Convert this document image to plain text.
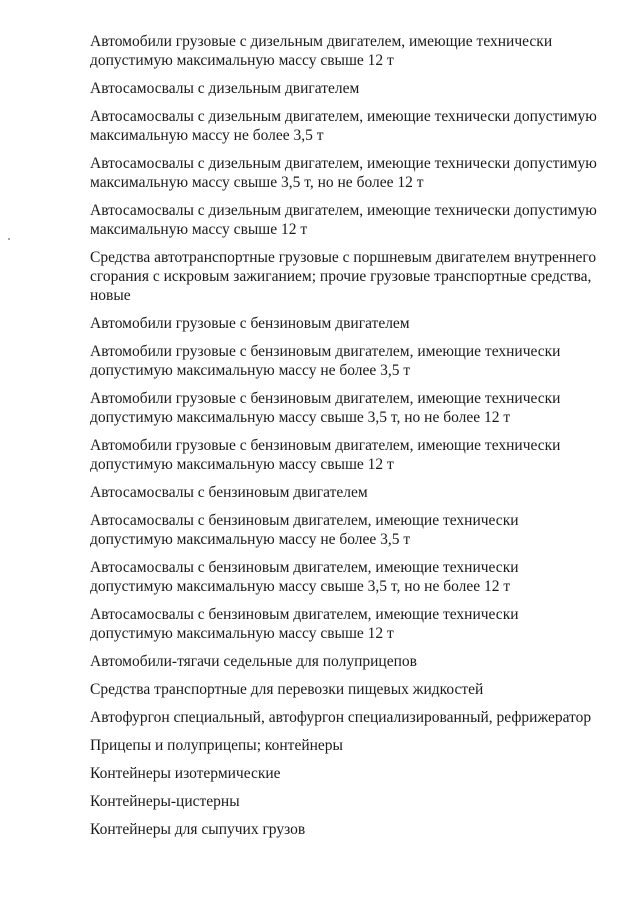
Автомобили грузовые с дизельным двигателем, имеющие технически допустимую максимальную массу свыше 12 т
Автосамосвалы с дизельным двигателем
Автосамосвалы с дизельным двигателем, имеющие технически допустимую максимальную массу не более 3,5 т
Автосамосвалы с дизельным двигателем, имеющие технически допустимую максимальную массу свыше 3,5 т, но не более 12 т
Автосамосвалы с дизельным двигателем, имеющие технически допустимую максимальную массу свыше 12 т
Средства автотранспортные грузовые с поршневым двигателем внутреннего сгорания с искровым зажиганием; прочие грузовые транспортные средства, новые
Автомобили грузовые с бензиновым двигателем
Автомобили грузовые с бензиновым двигателем, имеющие технически допустимую максимальную массу не более 3,5 т
Автомобили грузовые с бензиновым двигателем, имеющие технически допустимую максимальную массу свыше 3,5 т, но не более 12 т
Автомобили грузовые с бензиновым двигателем, имеющие технически допустимую максимальную массу свыше 12 т
Автосамосвалы с бензиновым двигателем
Автосамосвалы с бензиновым двигателем, имеющие технически допустимую максимальную массу не более 3,5 т
Автосамосвалы с бензиновым двигателем, имеющие технически допустимую максимальную массу свыше 3,5 т, но не более 12 т
Автосамосвалы с бензиновым двигателем, имеющие технически допустимую максимальную массу свыше 12 т
Автомобили-тягачи седельные для полуприцепов
Средства транспортные для перевозки пищевых жидкостей
Автофургон специальный, автофургон специализированный, рефрижератор
Прицепы и полуприцепы; контейнеры
Контейнеры изотермические
Контейнеры-цистерны
Контейнеры для сыпучих грузов
